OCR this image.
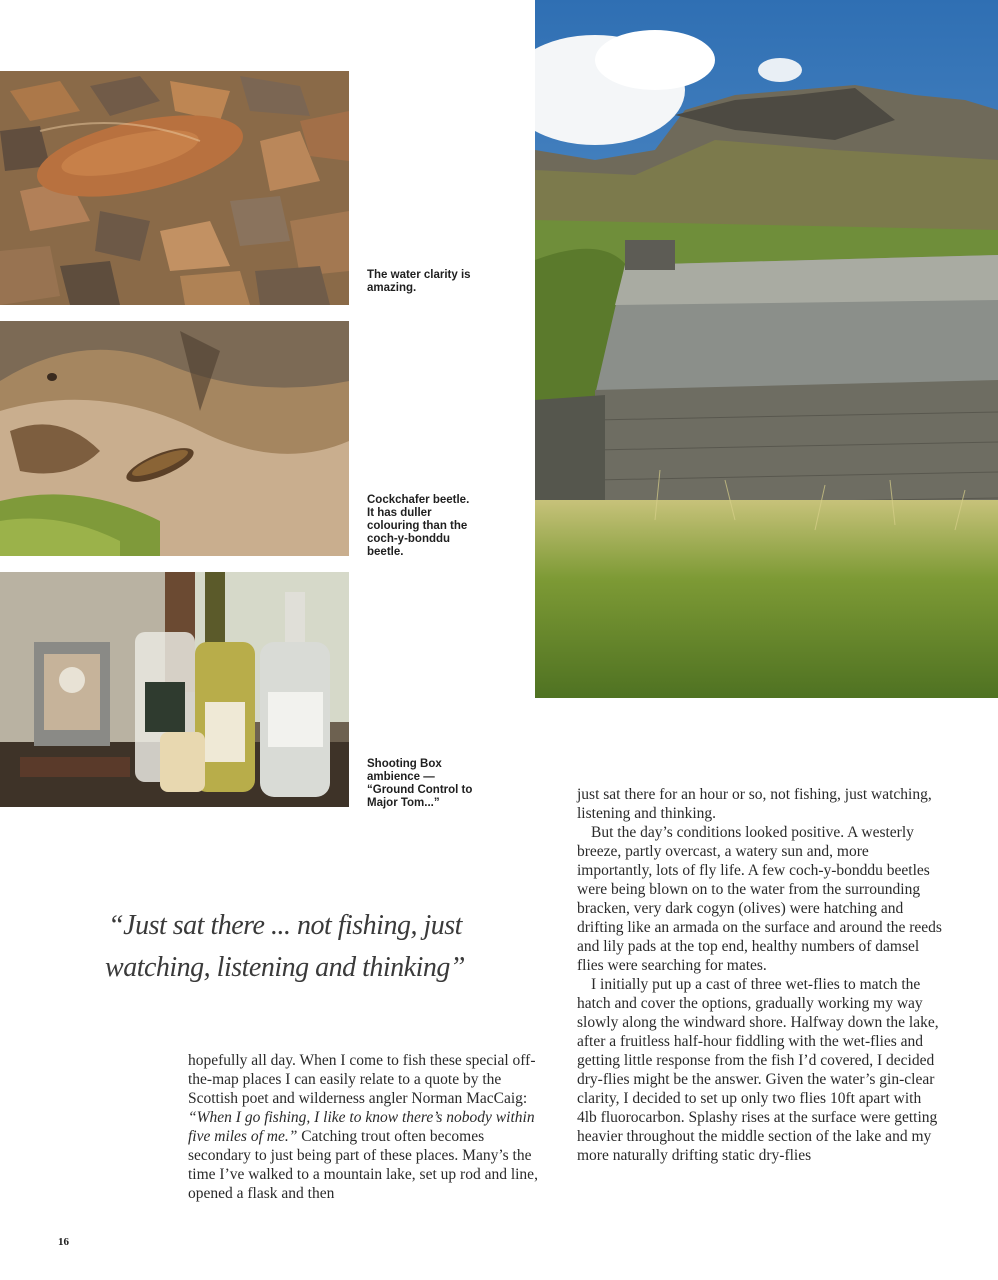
The water clarity is amazing.
Cockchafer beetle. It has duller colouring than the coch-y-bonddu beetle.
Shooting Box ambience — “Ground Control to Major Tom...”
“Just sat there ... not fishing, just watching, listening and thinking”

hopefully all day. When I come to fish these special off-the-map places I can easily relate to a quote by the Scottish poet and wilderness angler Norman MacCaig: “When I go fishing, I like to know there’s nobody within five miles of me.” Catching trout often becomes secondary to just being part of these places. Many’s the time I’ve walked to a mountain lake, set up rod and line, opened a flask and then

just sat there for an hour or so, not fishing, just watching, listening and thinking.

But the day’s conditions looked positive. A westerly breeze, partly overcast, a watery sun and, more importantly, lots of fly life. A few coch-y-bonddu beetles were being blown on to the water from the surrounding bracken, very dark cogyn (olives) were hatching and drifting like an armada on the surface and around the reeds and lily pads at the top end, healthy numbers of damsel flies were searching for mates.

I initially put up a cast of three wet-flies to match the hatch and cover the options, gradually working my way slowly along the windward shore. Halfway down the lake, after a fruitless half-hour fiddling with the wet-flies and getting little response from the fish I’d covered, I decided dry-flies might be the answer. Given the water’s gin-clear clarity, I decided to set up only two flies 10ft apart with 4lb fluorocarbon. Splashy rises at the surface were getting heavier throughout the middle section of the lake and my more naturally drifting static dry-flies

16
